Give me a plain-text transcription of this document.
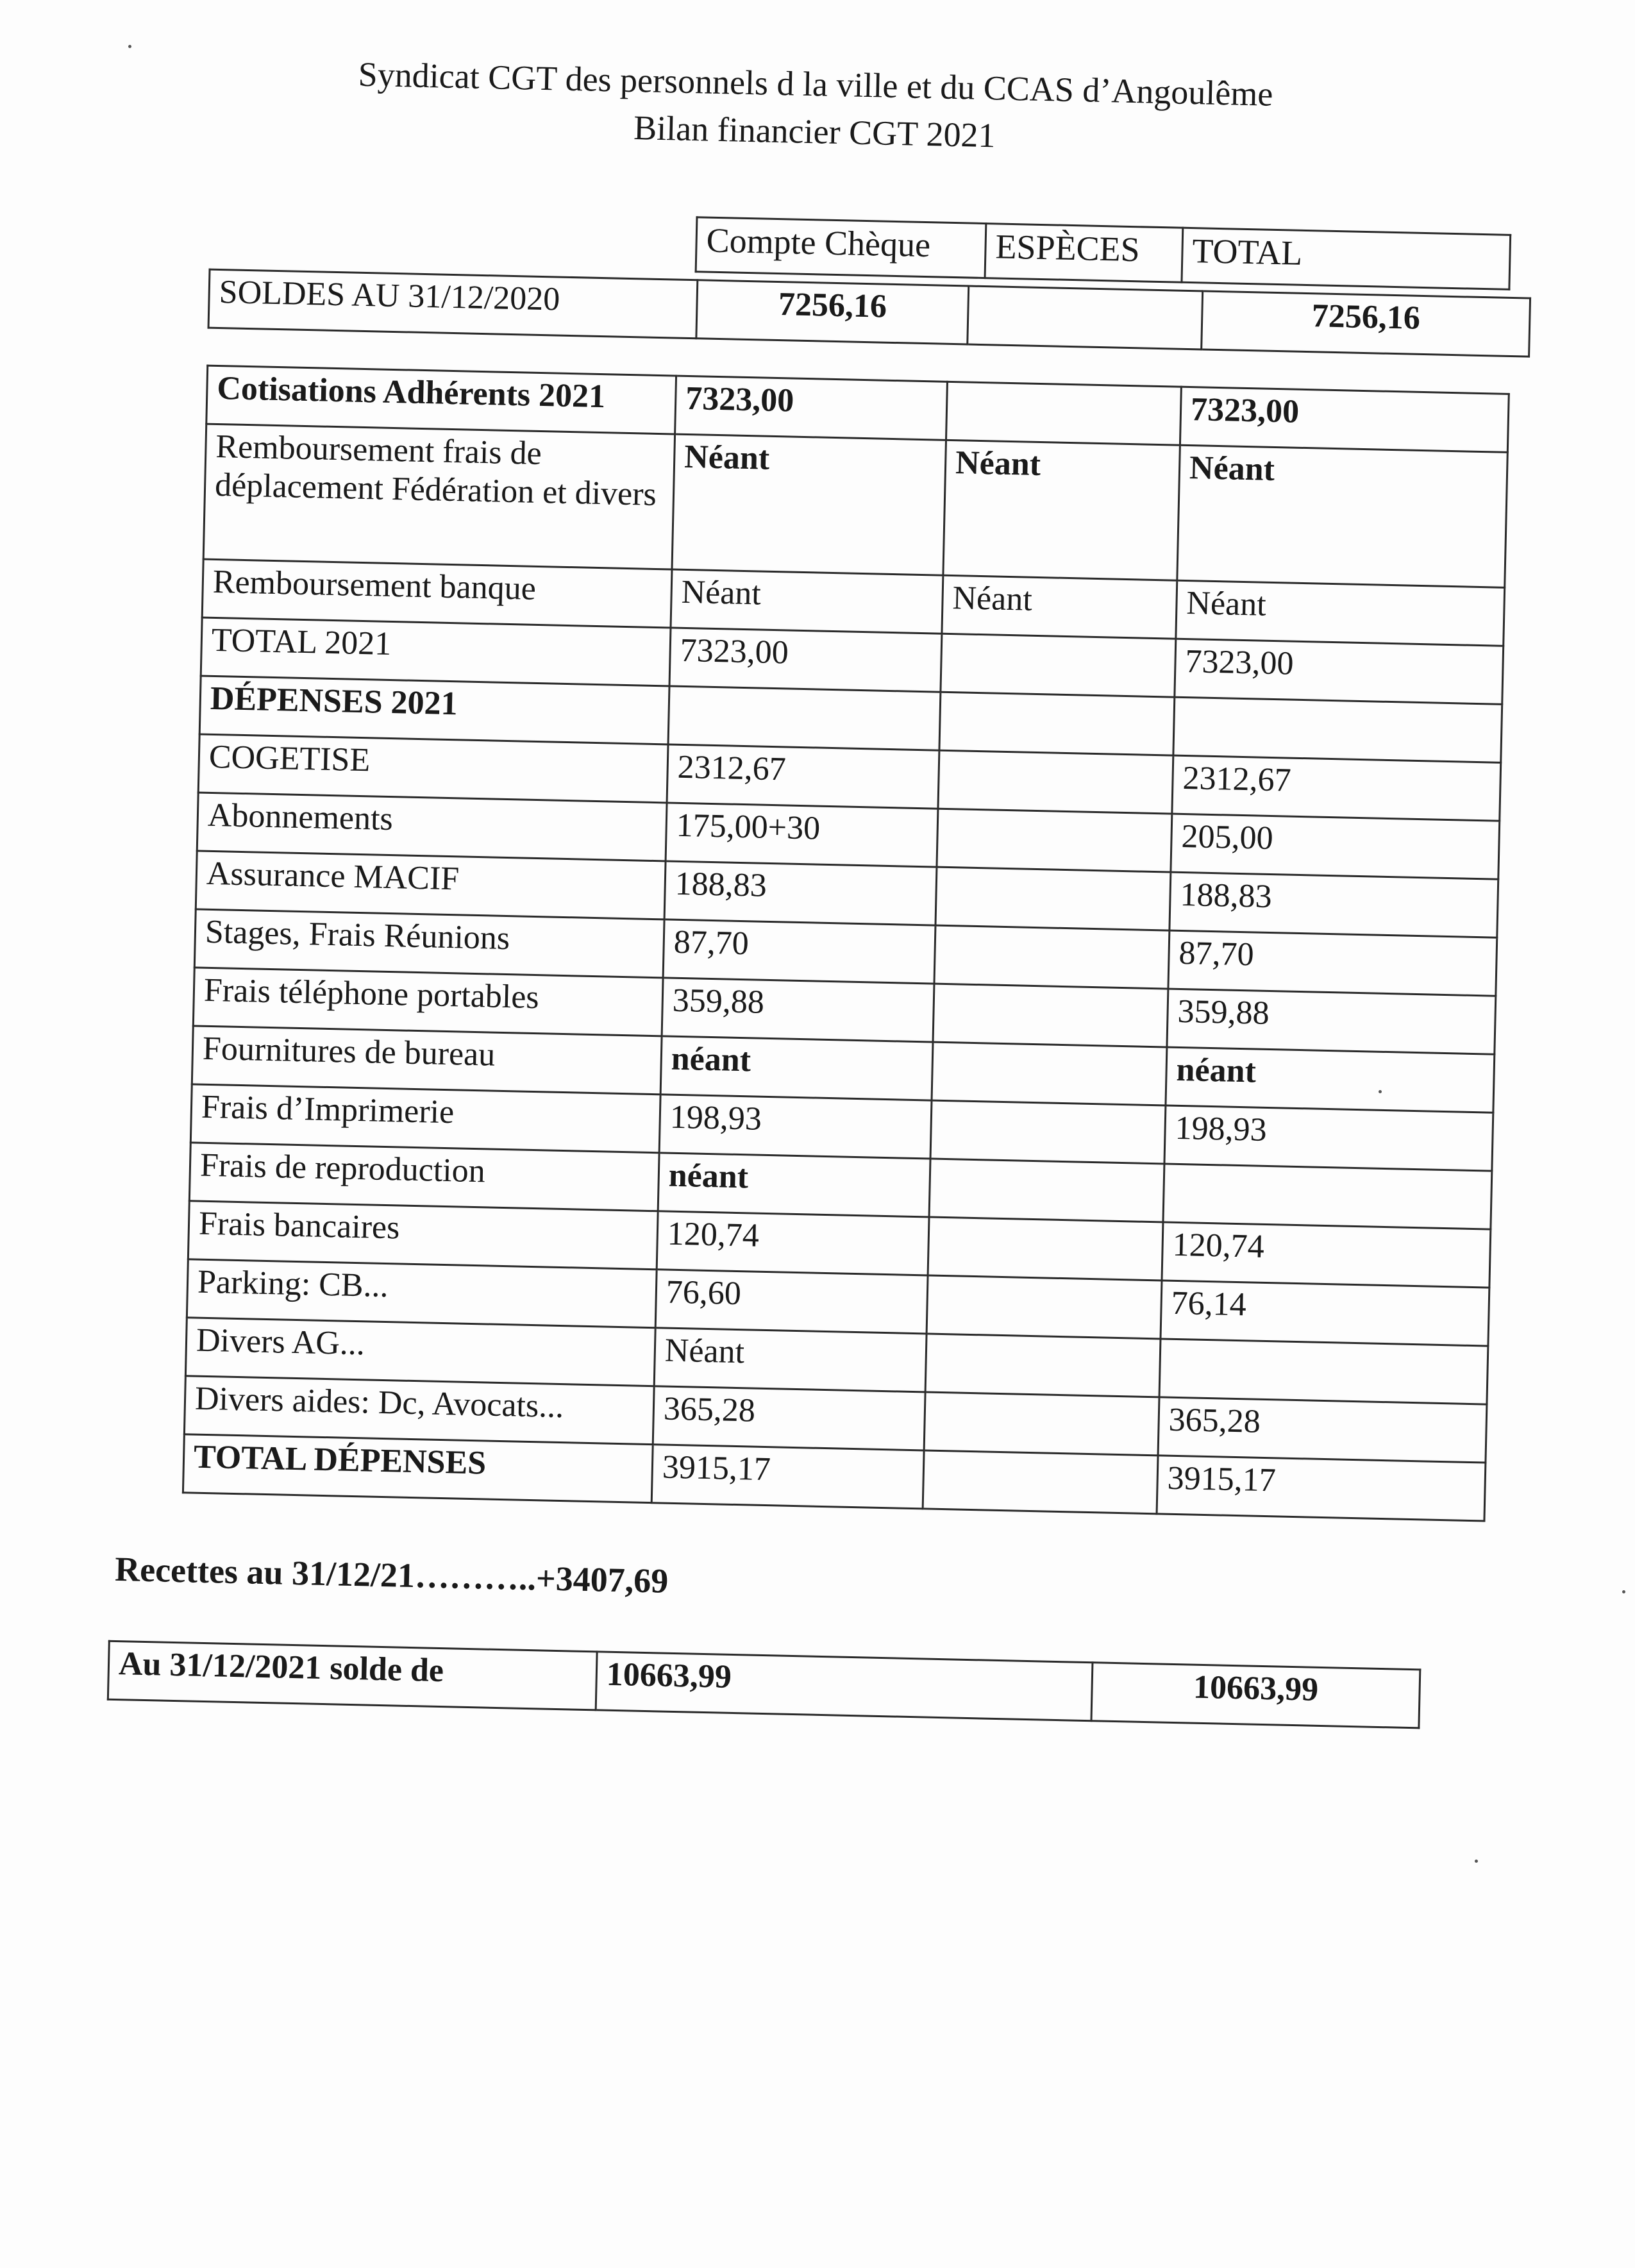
Syndicat CGT des personnels d la ville et du CCAS d’Angoulême
Bilan financier CGT 2021
Compte Chèque	ESPÈCES	TOTAL
SOLDES AU 31/12/2020	7256,16		7256,16
Cotisations Adhérents 2021	7323,00		7323,00
Remboursement frais de déplacement Fédération et divers	Néant	Néant	Néant
Remboursement banque	Néant	Néant	Néant
TOTAL 2021	7323,00		7323,00
DÉPENSES 2021			
COGETISE	2312,67		2312,67
Abonnements	175,00+30		205,00
Assurance MACIF	188,83		188,83
Stages, Frais Réunions	87,70		87,70
Frais téléphone portables	359,88		359,88
Fournitures de bureau	néant		néant
Frais d’Imprimerie	198,93		198,93
Frais de reproduction	néant		
Frais bancaires	120,74		120,74
Parking: CB...	76,60		76,14
Divers AG...	Néant		
Divers aides: Dc, Avocats...	365,28		365,28
TOTAL DÉPENSES	3915,17		3915,17
Recettes au 31/12/21………..+3407,69
Au 31/12/2021 solde de	10663,99	10663,99
